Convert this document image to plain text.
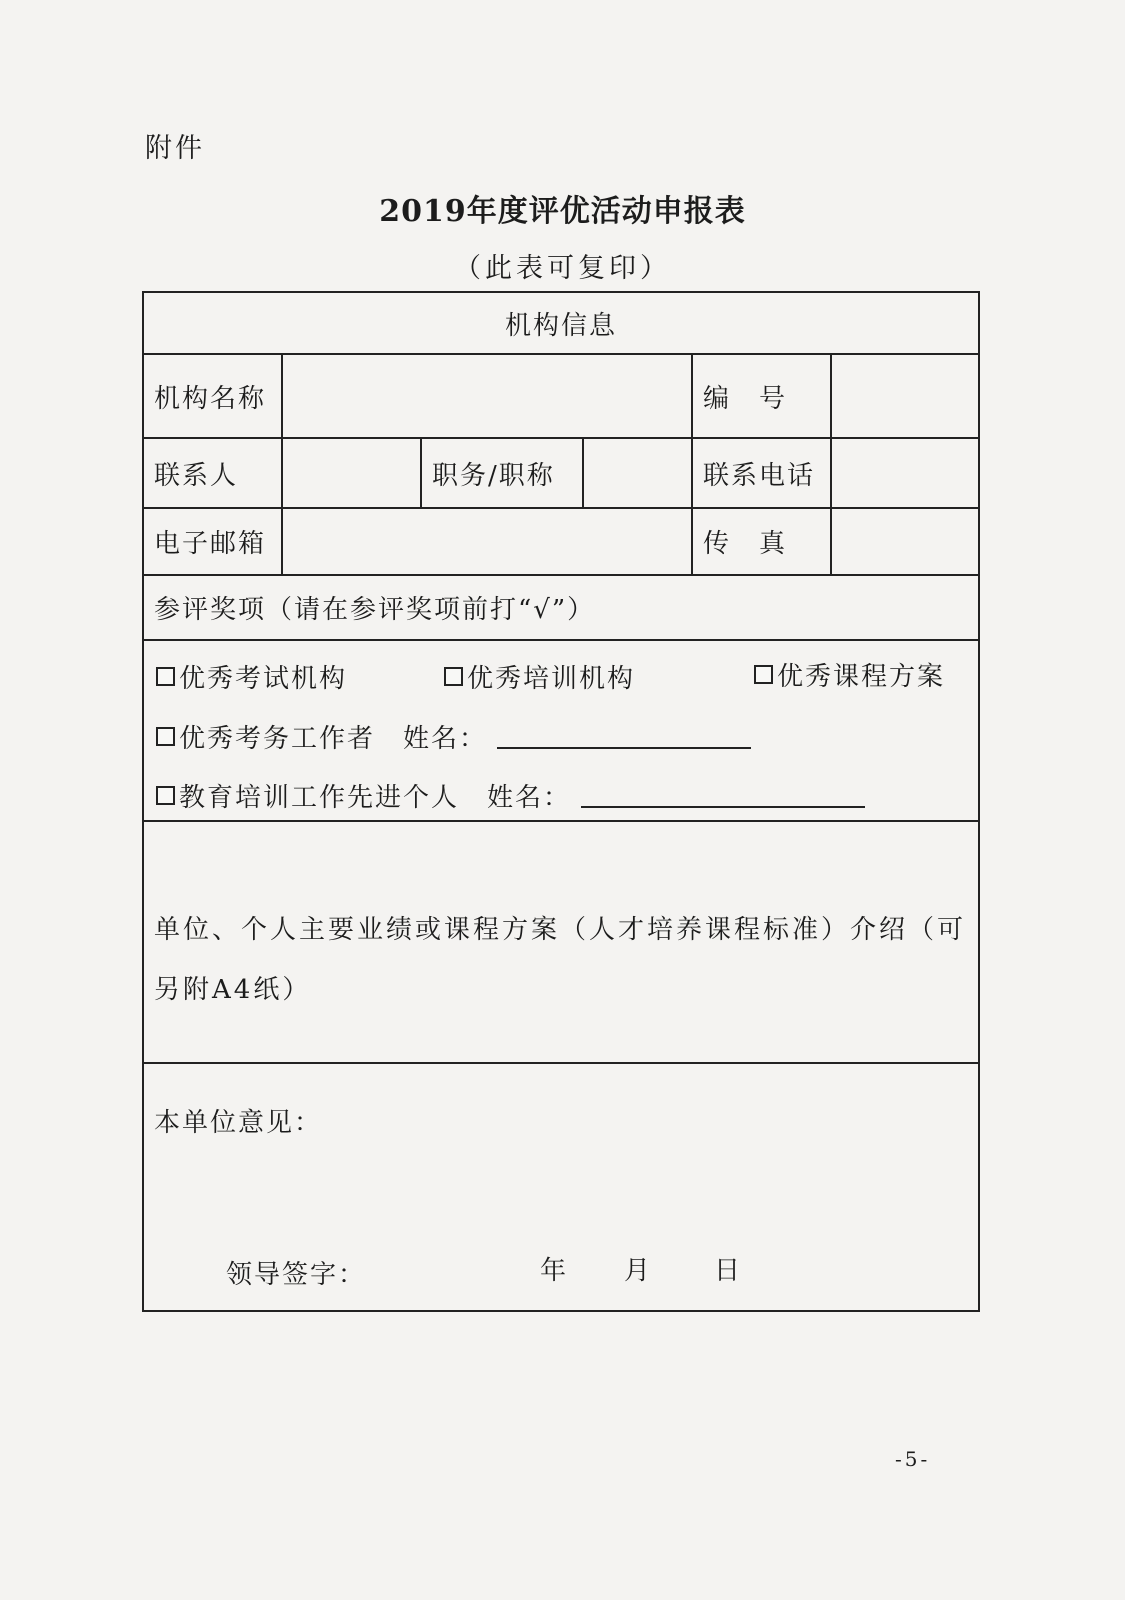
附件
2019年度评优活动申报表
（此表可复印）
机构信息
机构名称	编　号
联系人	职务/职称	联系电话
电子邮箱	传　真
参评奖项（请在参评奖项前打“√”）
优秀考试机构	优秀培训机构	优秀课程方案
优秀考务工作者 姓名：
教育培训工作先进个人 姓名：
单位、个人主要业绩或课程方案（人才培养课程标准）介绍（可另附A4纸）
本单位意见：
领导签字：	年 月 日
-5-
